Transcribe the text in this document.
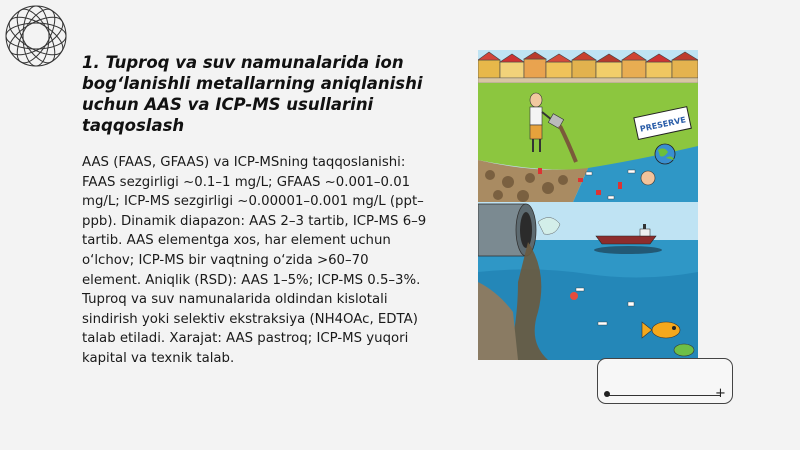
1. Tuproq va suv namunalarida ion bog‘lanishli metallarning aniqlanishi uchun AAS va ICP-MS usullarini taqqoslash

AAS (FAAS, GFAAS) va ICP-MSning taqqoslanishi: FAAS sezgirligi ~0.1–1 mg/L; GFAAS ~0.001–0.01 mg/L; ICP-MS sezgirligi ~0.00001–0.001 mg/L (ppt–ppb). Dinamik diapazon: AAS 2–3 tartib, ICP-MS 6–9 tartib. AAS elementga xos, har element uchun o‘lchov; ICP-MS bir vaqtning o‘zida >60–70 element. Aniqlik (RSD): AAS 1–5%; ICP-MS 0.5–3%. Tuproq va suv namunalarida oldindan kislotali sindirish yoki selektiv ekstraksiya (NH4OAc, EDTA) talab etiladi. Xarajat: AAS pastroq; ICP-MS yuqori kapital va texnik talab.

PRESERVE
+
